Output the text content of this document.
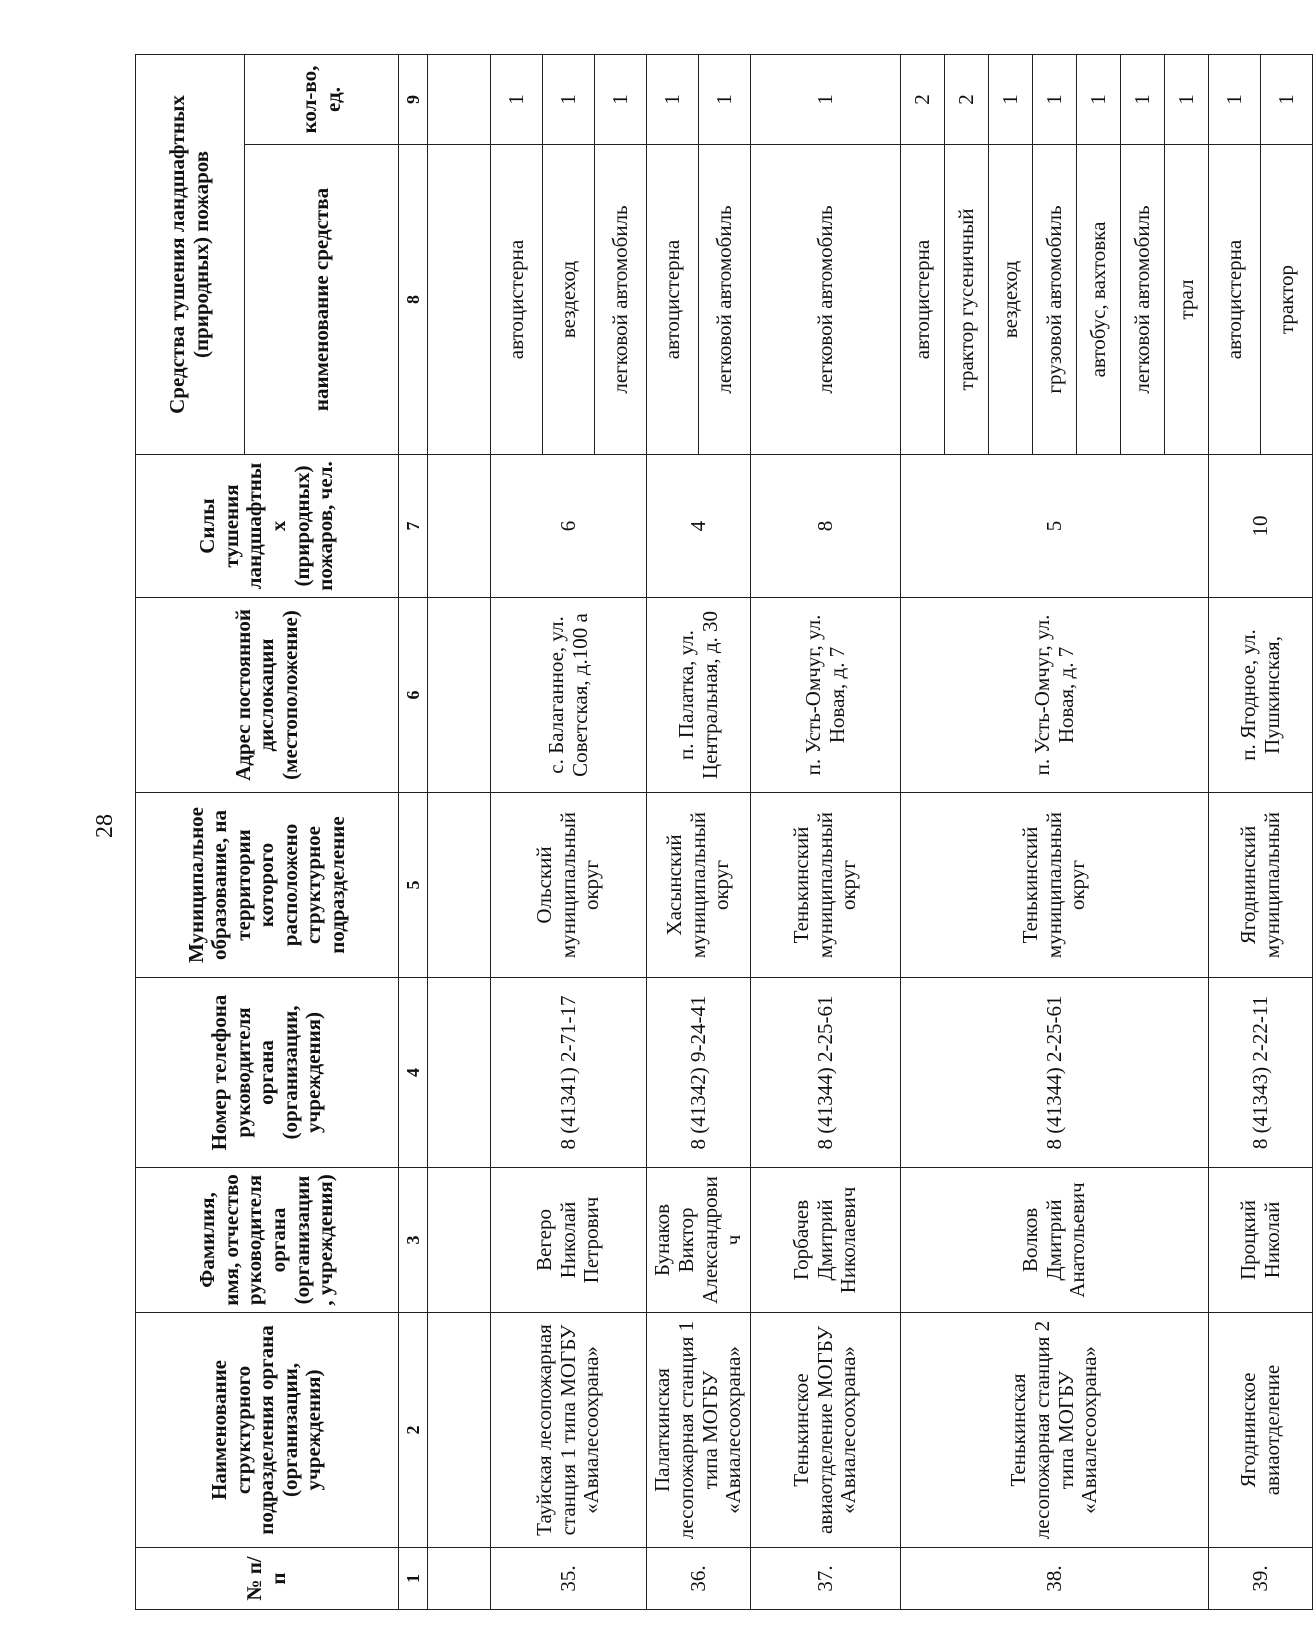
28
№ п/п	Наименование структурного подразделения органа (организации, учреждения)	Фамилия, имя, отчество руководителя органа (организации, учреждения)	Номер телефона руководителя органа (организации, учреждения)	Муниципальное образование, на территории которого расположено структурное подразделение	Адрес постоянной дислокации (местоположение)	Силы тушения ландшафтных (природных) пожаров, чел.	Средства тушения ландшафтных (природных) пожаров	
							наименование средства	кол-во, ед.
1	2	3	4	5	6	7	8	9

35.	Тауйская лесопожарная станция 1 типа МОГБУ «Авиалесоохрана»	Вегеро Николай Петрович	8 (41341) 2-71-17	Ольский муниципальный округ	с. Балаганное, ул. Советская, д.100 а	6	автоцистерна	1
							вездеход	1
							легковой автомобиль	1
36.	Палаткинская лесопожарная станция 1 типа МОГБУ «Авиалесоохрана»	Бунаков Виктор Александрович	8 (41342) 9-24-41	Хасынский муниципальный округ	п. Палатка, ул. Центральная, д. 30	4	автоцистерна	1
							легковой автомобиль	1
37.	Тенькинское авиаотделение МОГБУ «Авиалесоохрана»	Горбачев Дмитрий Николаевич	8 (41344) 2-25-61	Тенькинский муниципальный округ	п. Усть-Омчуг, ул. Новая, д. 7	8	легковой автомобиль	1
38.	Тенькинская лесопожарная станция 2 типа МОГБУ «Авиалесоохрана»	Волков Дмитрий Анатольевич	8 (41344) 2-25-61	Тенькинский муниципальный округ	п. Усть-Омчуг, ул. Новая, д. 7	5	автоцистерна	2
							трактор гусеничный	2
							вездеход	1
							грузовой автомобиль	1
							автобус, вахтовка	1
							легковой автомобиль	1
							трал	1
39.	Ягоднинское авиаотделение	Процкий Николай	8 (41343) 2-22-11	Ягоднинский муниципальный	п. Ягодное, ул. Пушкинская,	10	автоцистерна	1
							трактор	1
